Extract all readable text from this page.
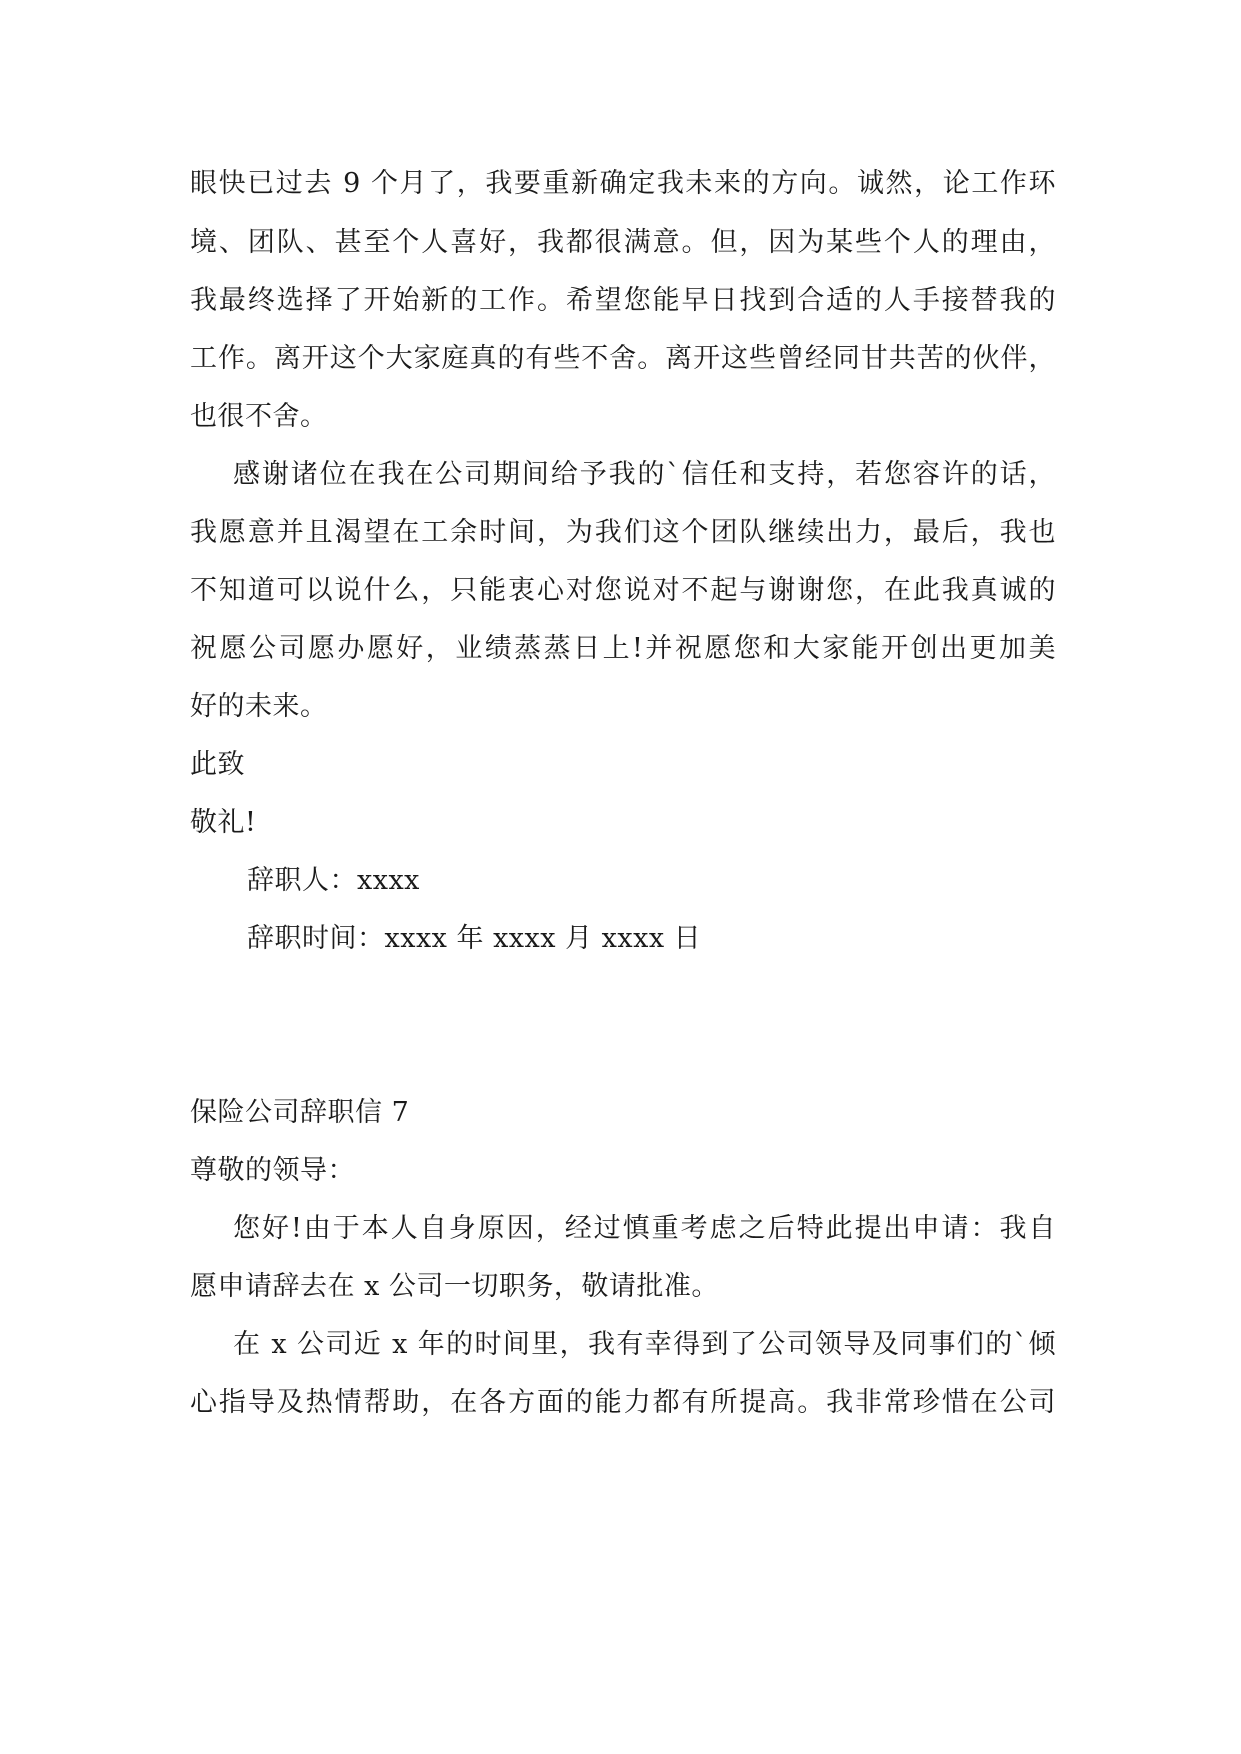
眼快已过去 9 个月了，我要重新确定我未来的方向。诚然，论工作环
境、团队、甚至个人喜好，我都很满意。但，因为某些个人的理由，
我最终选择了开始新的工作。希望您能早日找到合适的人手接替我的
工作。离开这个大家庭真的有些不舍。离开这些曾经同甘共苦的伙伴，
也很不舍。
感谢诸位在我在公司期间给予我的`信任和支持，若您容许的话，
我愿意并且渴望在工余时间，为我们这个团队继续出力，最后，我也
不知道可以说什么，只能衷心对您说对不起与谢谢您，在此我真诚的
祝愿公司愿办愿好，业绩蒸蒸日上!并祝愿您和大家能开创出更加美
好的未来。
此致
敬礼!
辞职人：xxxx
辞职时间：xxxx 年 xxxx 月 xxxx 日
保险公司辞职信 7
尊敬的领导：
您好!由于本人自身原因，经过慎重考虑之后特此提出申请：我自
愿申请辞去在 x 公司一切职务，敬请批准。
在 x 公司近 x 年的时间里，我有幸得到了公司领导及同事们的`倾
心指导及热情帮助，在各方面的能力都有所提高。我非常珍惜在公司
